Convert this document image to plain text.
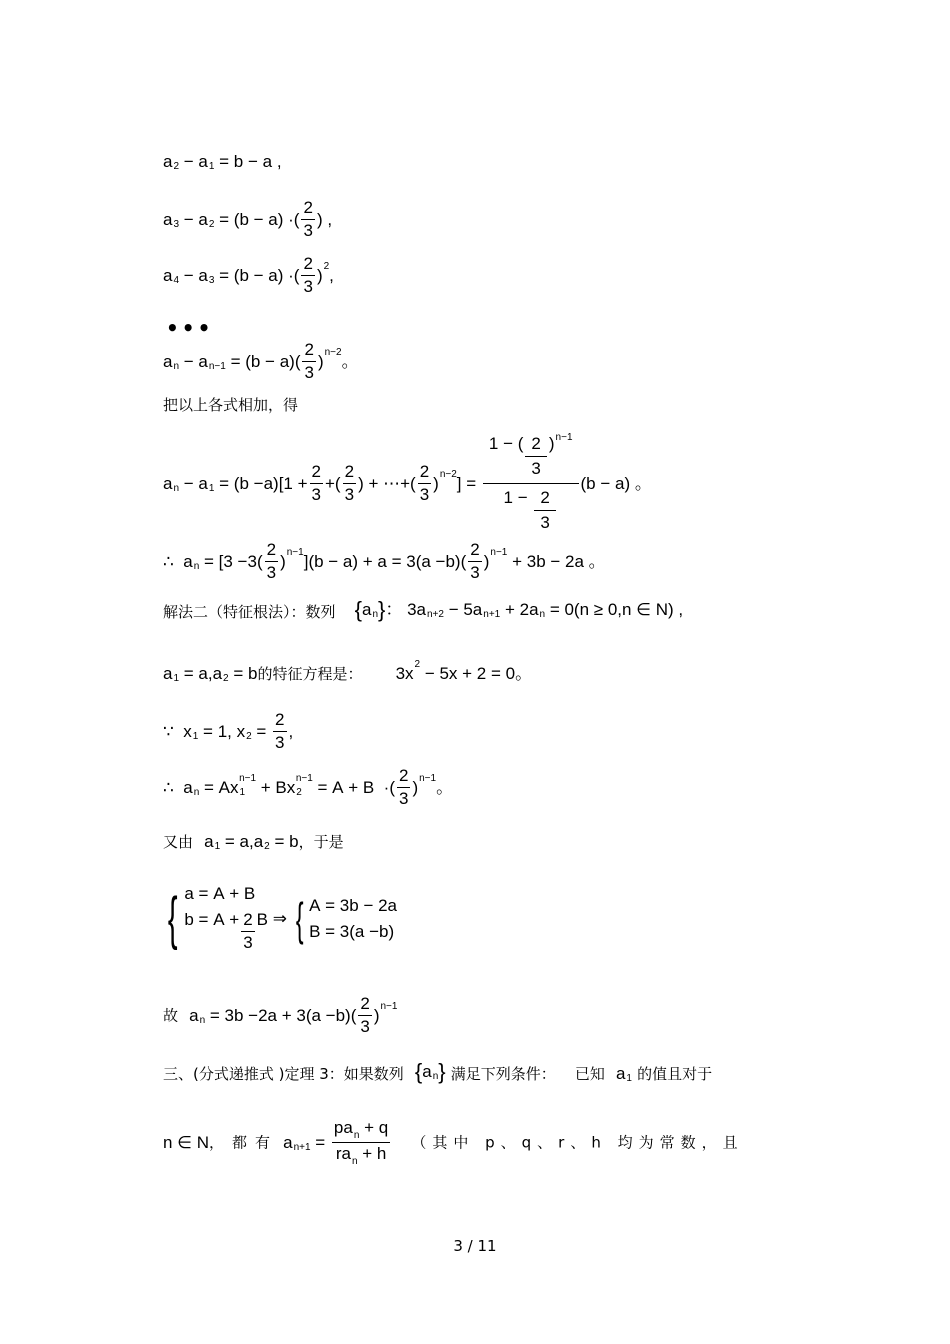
a 2 − a 1 = b − a ,
a 3 − a 2 = (b − a) ·(
2
3
) ,
a 4 − a 3 = (b − a) ·(
2
3
) 2 ,
•••
a n − a n−1 = (b − a)(
2
3
) n−2 。
把以上各式相加，得
a n − a 1 = (b −a)[1 +
2
3
+(
2
3
) + ⋯+(
2
3
) n−2 ] =
1 − ( $\frac{2}{3} )^{n-1}$
$1 - \frac{2}{3}$
(b − a) 。
∴  a n = [3 −3(
2
3
) n−1 ](b − a) + a = 3(a −b)(
2
3
) n−1 + 3b − 2a 。
解法二（特征根法）：数列 { a n } ： 3a n+2 − 5a n+1 + 2a n = 0(n ≥ 0,n ∈ N) ,
a 1 = a,a 2 = b的特征方程是： 3x 2 − 5x + 2 = 0。
∵  x 1 = 1, x 2 =
2
3
,
∴  a n = Ax 1
n−1 + Bx 2
n−1 = A + B  ·(
2
3
) n−1 。
又由 a 1 = a,a 2 = b，于是
{ a = A + B
$b = A + \frac{2}{3}$ B ⇒ { A = 3b − 2a
B = 3(a −b)
故 a n = 3b −2a + 3(a −b)(
2
3
) n−1
三、(分式递推式 )定理 3：如果数列 { a n } 满足下列条件： 已知 a 1 的值且对于
n ∈ N，都有 a n+1 =
$pa_n + q$
$ra_n + h$
（其中 p、q、r、h 均为常数，且
3 / 11
